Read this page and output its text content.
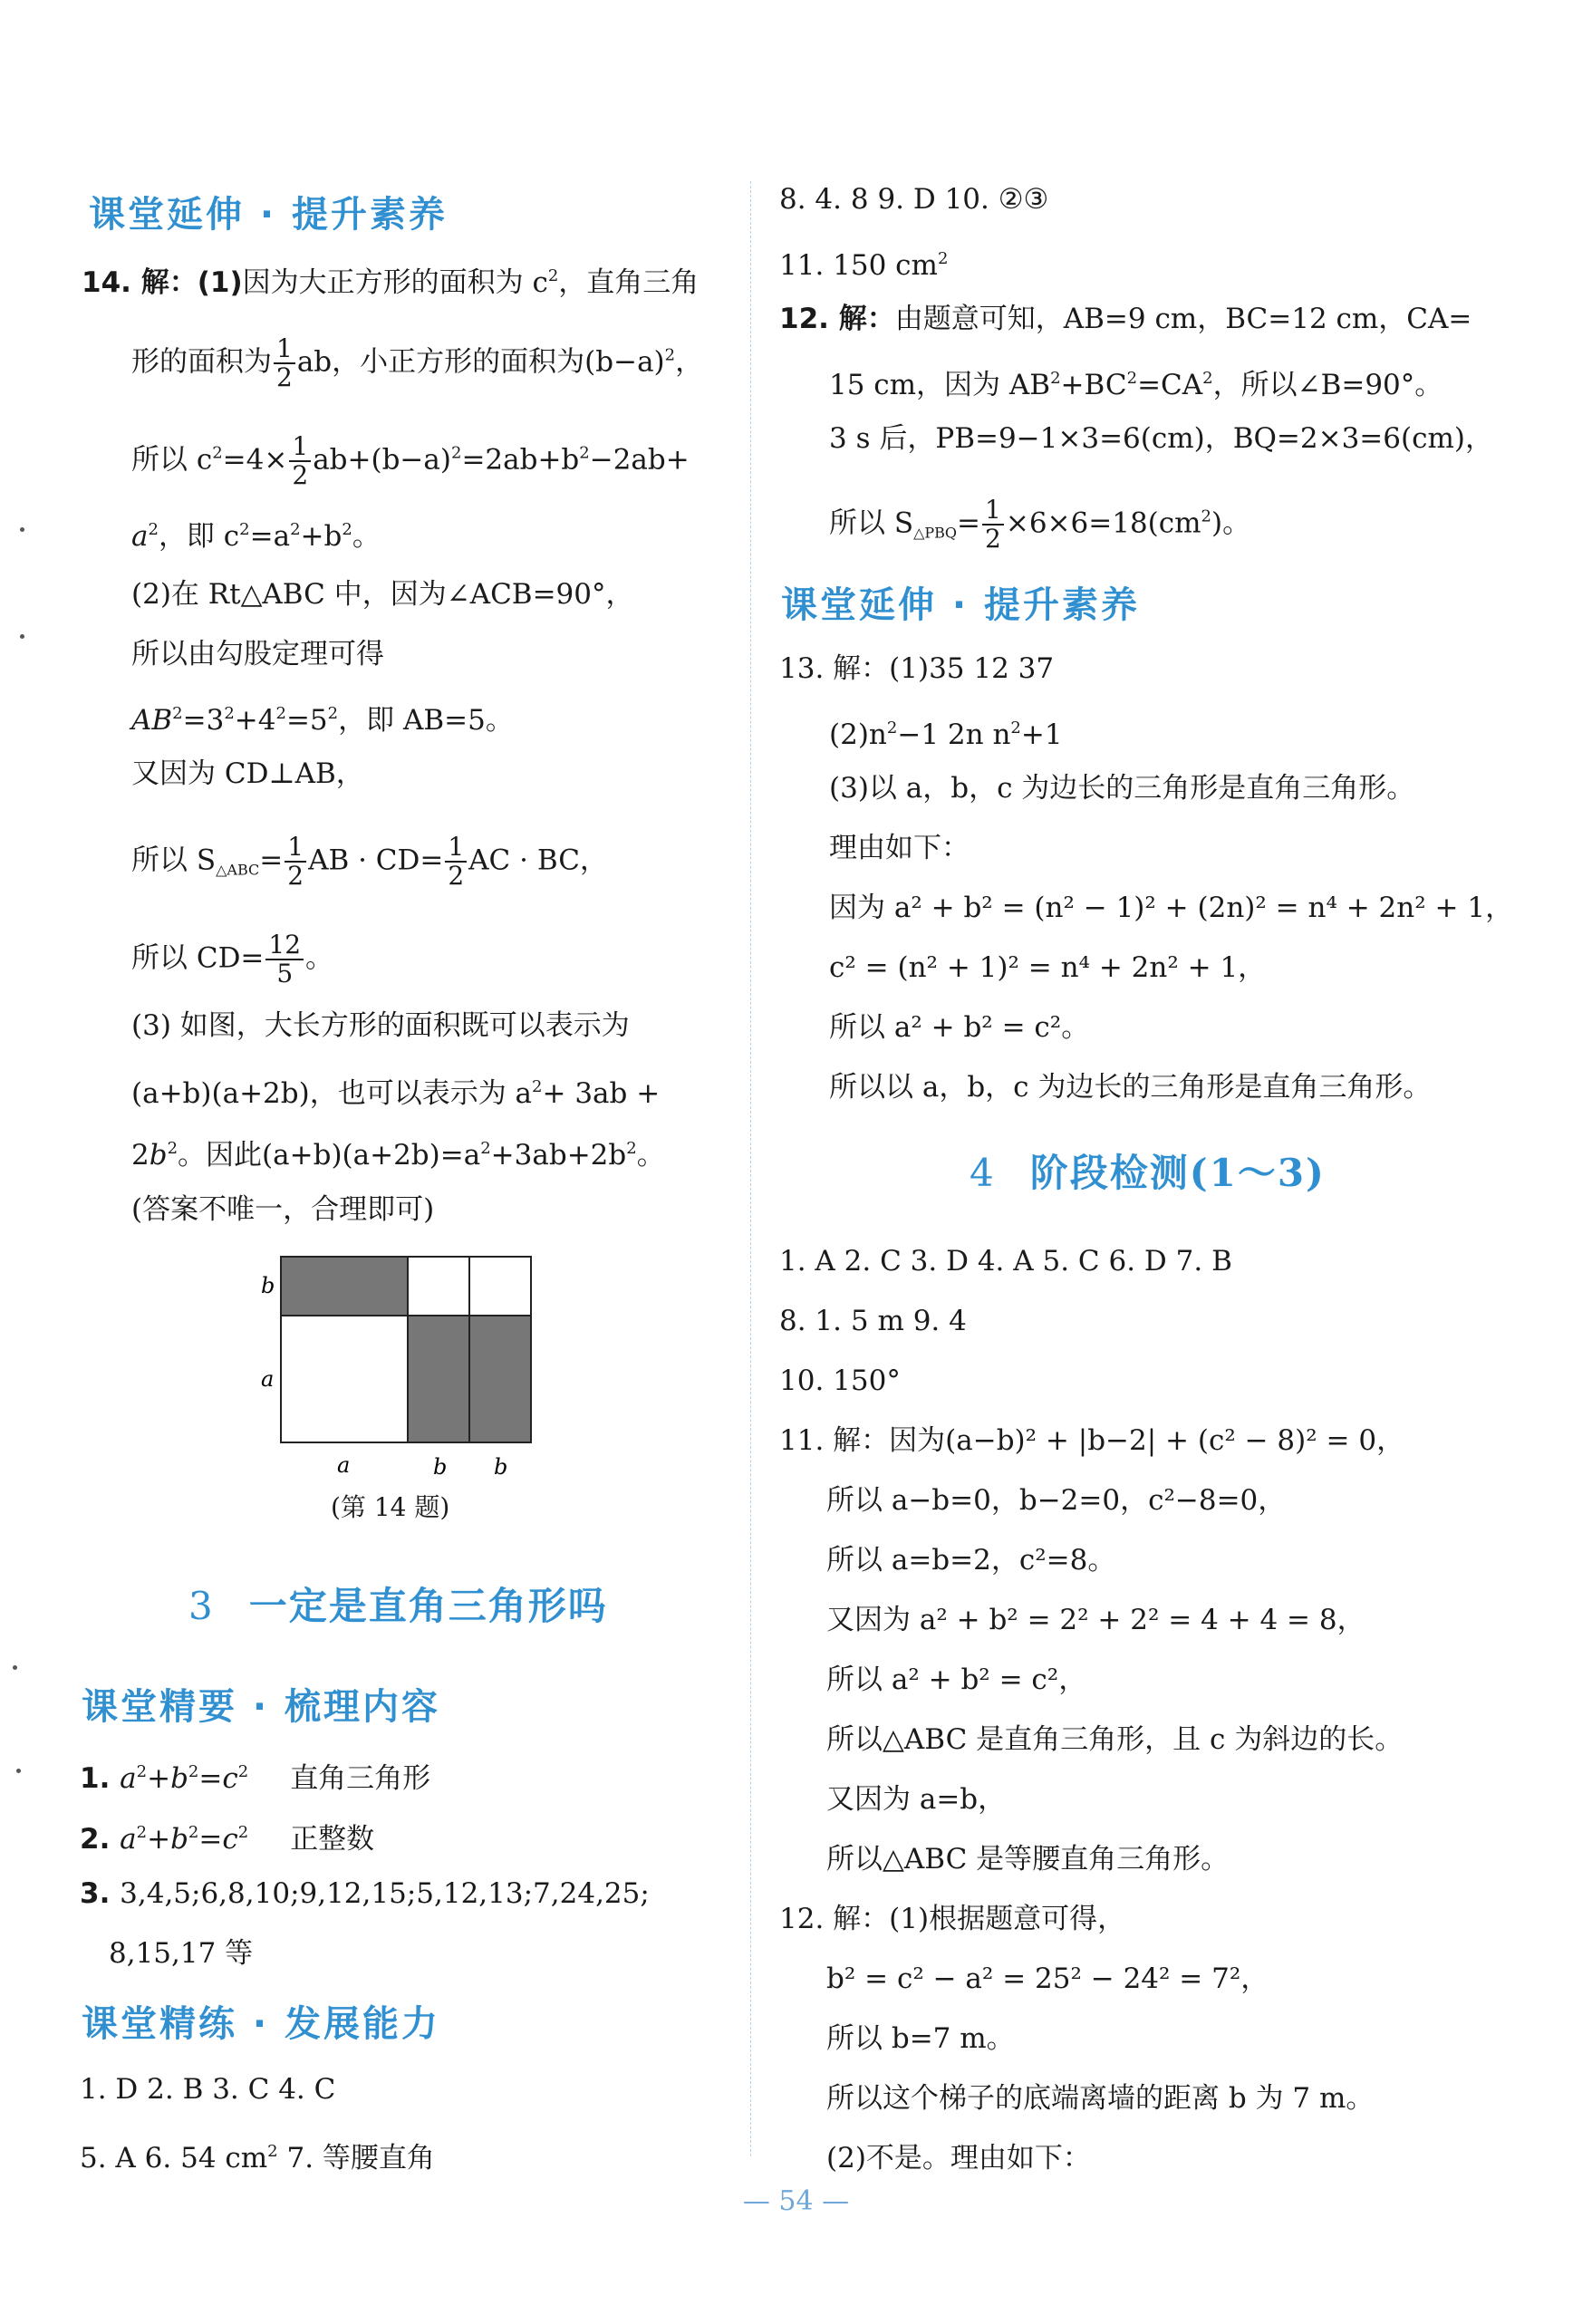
课堂延伸 · 提升素养
14. 解：(1)因为大正方形的面积为 $c^2$，直角三角
形的面积为 $\frac{1}{2}$ ab，小正方形的面积为$(b-a)^2$，
所以 $c^2=4\times \frac{1}{2} ab+(b-a)^2=2ab+b^2-2ab+$
$a^2$，即 $c^2=a^2+b^2$。
(2)在 Rt△ABC 中，因为∠ACB=90°，
所以由勾股定理可得
$AB^2=3^2+4^2=5^2$，即 AB=5。
又因为 CD⊥AB，
所以 $S_{\triangle ABC}= \frac{1}{2}$ AB · $CD= \frac{1}{2}$ AC · BC，
所以 $CD= \frac{12}{5}$ 。
(3) 如图，大长方形的面积既可以表示为
(a+b)(a+2b)，也可以表示为 $a^2+ 3ab$ +
$2b^2$。因此$(a+b)(a+2b)=a^2+3ab+2b^2$。
(答案不唯一，合理即可)
b
a
a	b b
(第 14 题)
3 一定是直角三角形吗
课堂精要 · 梳理内容
1. $a^2+b^2=c^2$ 直角三角形
2. $a^2+b^2=c^2$ 正整数
3. 3,4,5;6,8,10;9,12,15;5,12,13;7,24,25;
8,15,17 等
课堂精练 · 发展能力
1. D 2. B 3. C 4. C
5. A 6. 54 $cm^2$ 7. 等腰直角
8. 4. 8 9. D 10. ②③
11. 150 $cm^2$
12. 解：由题意可知，AB=9 cm，BC=12 cm，CA=
15 cm，因为 $AB^2+BC^2=CA^2$，所以∠B=90°。
3 s 后，PB=9−1×3=6(cm)，BQ=2×3=6(cm)，
所以 $S_{\triangle PBQ}= \frac{1}{2} \times 6\times 6=18(cm^2)$。
课堂延伸 · 提升素养
13. 解：(1)35 12 37
$(2)n^2-1$ 2n $n^2+1$
(3)以 a，b，c 为边长的三角形是直角三角形。
理由如下：
因为 a² + b² = (n² − 1)² + (2n)² = n⁴ + 2n² + 1，
c² = (n² + 1)² = n⁴ + 2n² + 1，
所以 a² + b² = c²。
所以以 a，b，c 为边长的三角形是直角三角形。
4 阶段检测(1～3)
1. A 2. C 3. D 4. A 5. C 6. D 7. B
8. 1. 5 m 9. 4
10. 150°
11. 解：因为(a−b)² + |b−2| + (c² − 8)² = 0，
所以 a−b=0，b−2=0，c²−8=0，
所以 a=b=2，c²=8。
又因为 a² + b² = 2² + 2² = 4 + 4 = 8，
所以 a² + b² = c²，
所以△ABC 是直角三角形，且 c 为斜边的长。
又因为 a=b，
所以△ABC 是等腰直角三角形。
12. 解：(1)根据题意可得，
b² = c² − a² = 25² − 24² = 7²，
所以 b=7 m。
所以这个梯子的底端离墙的距离 b 为 7 m。
(2)不是。理由如下：
— 54 —
